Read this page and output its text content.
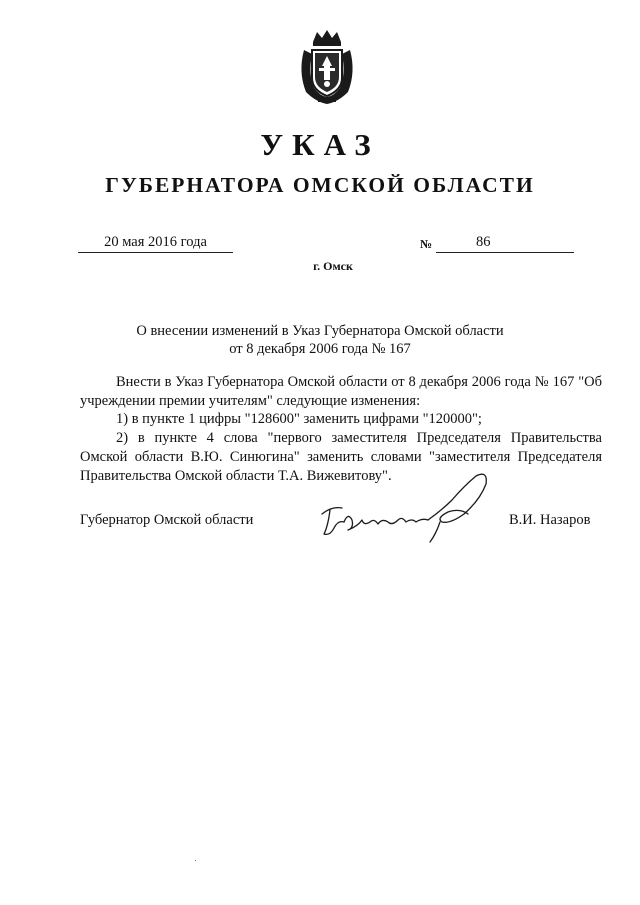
УКАЗ
ГУБЕРНАТОРА ОМСКОЙ ОБЛАСТИ
20 мая 2016 года	№	86
г. Омск
О внесении изменений в Указ Губернатора Омской области
от 8 декабря 2006 года № 167

Внести в Указ Губернатора Омской области от 8 декабря 2006 года № 167 "Об учреждении премии учителям" следующие изменения:

1) в пункте 1 цифры "128600" заменить цифрами "120000";

2) в пункте 4 слова "первого заместителя Председателя Правительства Омской области В.Ю. Синюгина" заменить словами "заместителя Председателя Правительства Омской области Т.А. Вижевитову".

Губернатор Омской области	В.И. Назаров
